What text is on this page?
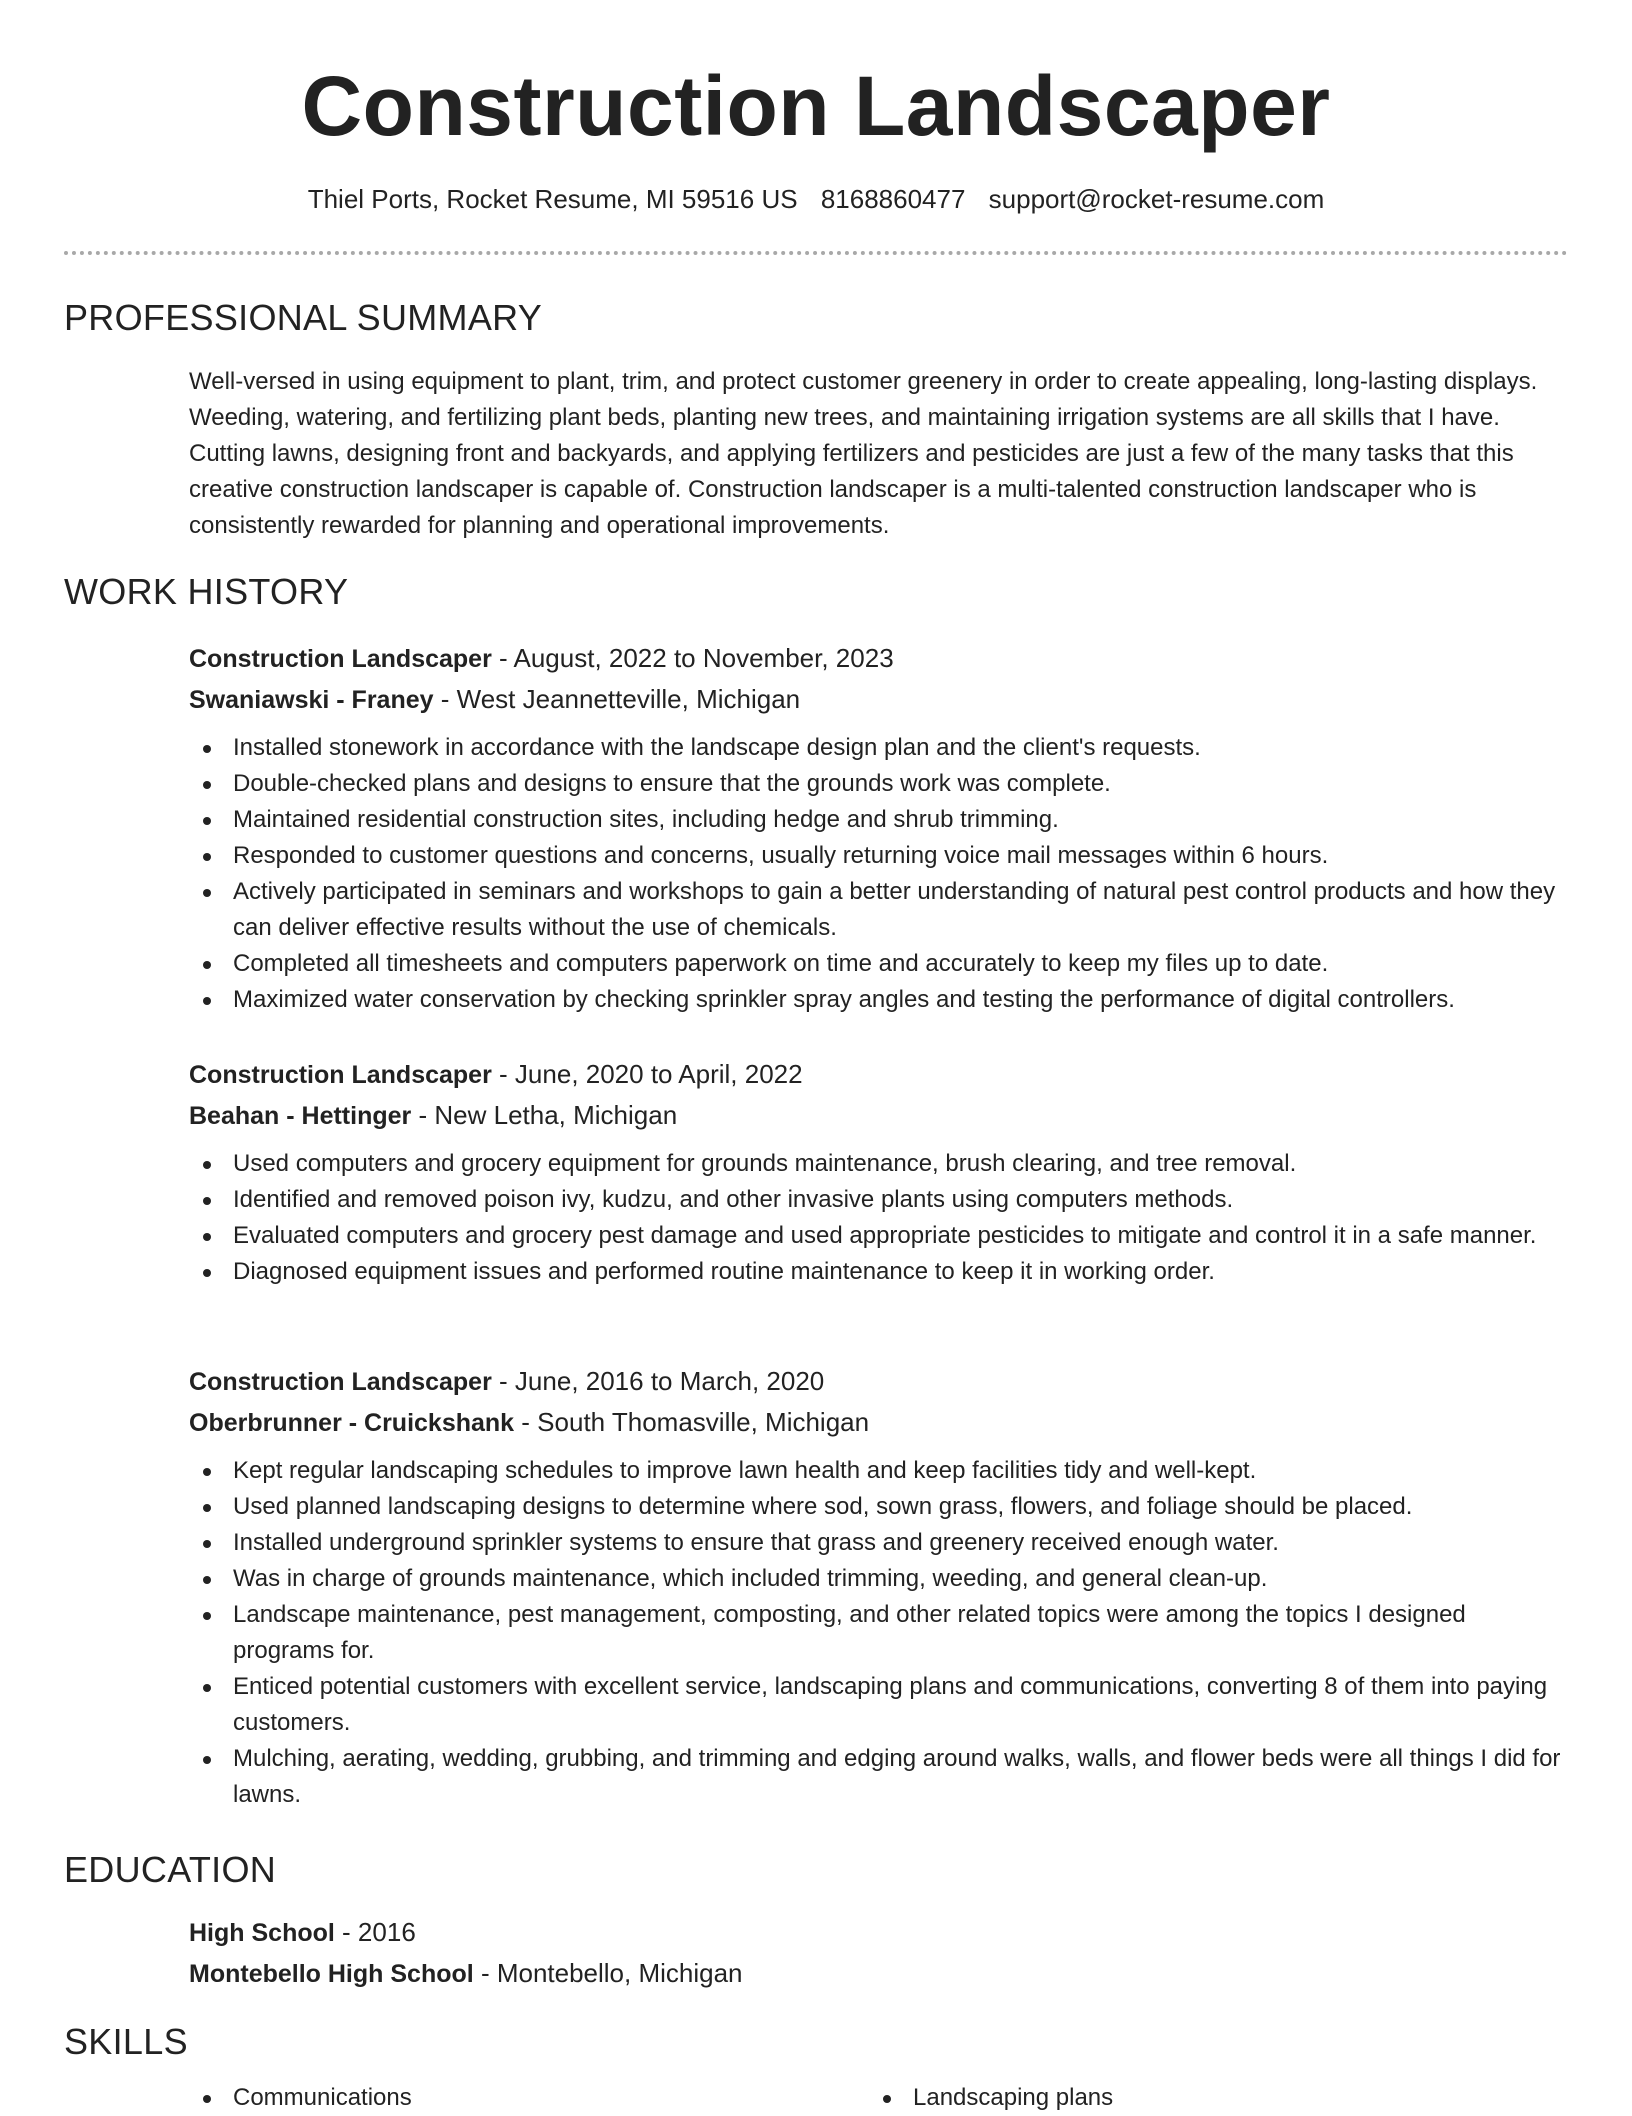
Construction Landscaper
Thiel Ports, Rocket Resume, MI 59516 US 8168860477 support@rocket-resume.com
PROFESSIONAL SUMMARY

Well-versed in using equipment to plant, trim, and protect customer greenery in order to create appealing, long-lasting displays. Weeding, watering, and fertilizing plant beds, planting new trees, and maintaining irrigation systems are all skills that I have. Cutting lawns, designing front and backyards, and applying fertilizers and pesticides are just a few of the many tasks that this creative construction landscaper is capable of. Construction landscaper is a multi-talented construction landscaper who is consistently rewarded for planning and operational improvements.

WORK HISTORY
Construction Landscaper - August, 2022 to November, 2023
Swaniawski - Franey - West Jeannetteville, Michigan
Installed stonework in accordance with the landscape design plan and the client's requests.
Double-checked plans and designs to ensure that the grounds work was complete.
Maintained residential construction sites, including hedge and shrub trimming.
Responded to customer questions and concerns, usually returning voice mail messages within 6 hours.
Actively participated in seminars and workshops to gain a better understanding of natural pest control products and how they can deliver effective results without the use of chemicals.
Completed all timesheets and computers paperwork on time and accurately to keep my files up to date.
Maximized water conservation by checking sprinkler spray angles and testing the performance of digital controllers.
Construction Landscaper - June, 2020 to April, 2022
Beahan - Hettinger - New Letha, Michigan
Used computers and grocery equipment for grounds maintenance, brush clearing, and tree removal.
Identified and removed poison ivy, kudzu, and other invasive plants using computers methods.
Evaluated computers and grocery pest damage and used appropriate pesticides to mitigate and control it in a safe manner.
Diagnosed equipment issues and performed routine maintenance to keep it in working order.
Construction Landscaper - June, 2016 to March, 2020
Oberbrunner - Cruickshank - South Thomasville, Michigan
Kept regular landscaping schedules to improve lawn health and keep facilities tidy and well-kept.
Used planned landscaping designs to determine where sod, sown grass, flowers, and foliage should be placed.
Installed underground sprinkler systems to ensure that grass and greenery received enough water.
Was in charge of grounds maintenance, which included trimming, weeding, and general clean-up.
Landscape maintenance, pest management, composting, and other related topics were among the topics I designed programs for.
Enticed potential customers with excellent service, landscaping plans and communications, converting 8 of them into paying customers.
Mulching, aerating, wedding, grubbing, and trimming and edging around walks, walls, and flower beds were all things I did for lawns.
EDUCATION
High School - 2016
Montebello High School - Montebello, Michigan
SKILLS
Communications	Landscaping plans
